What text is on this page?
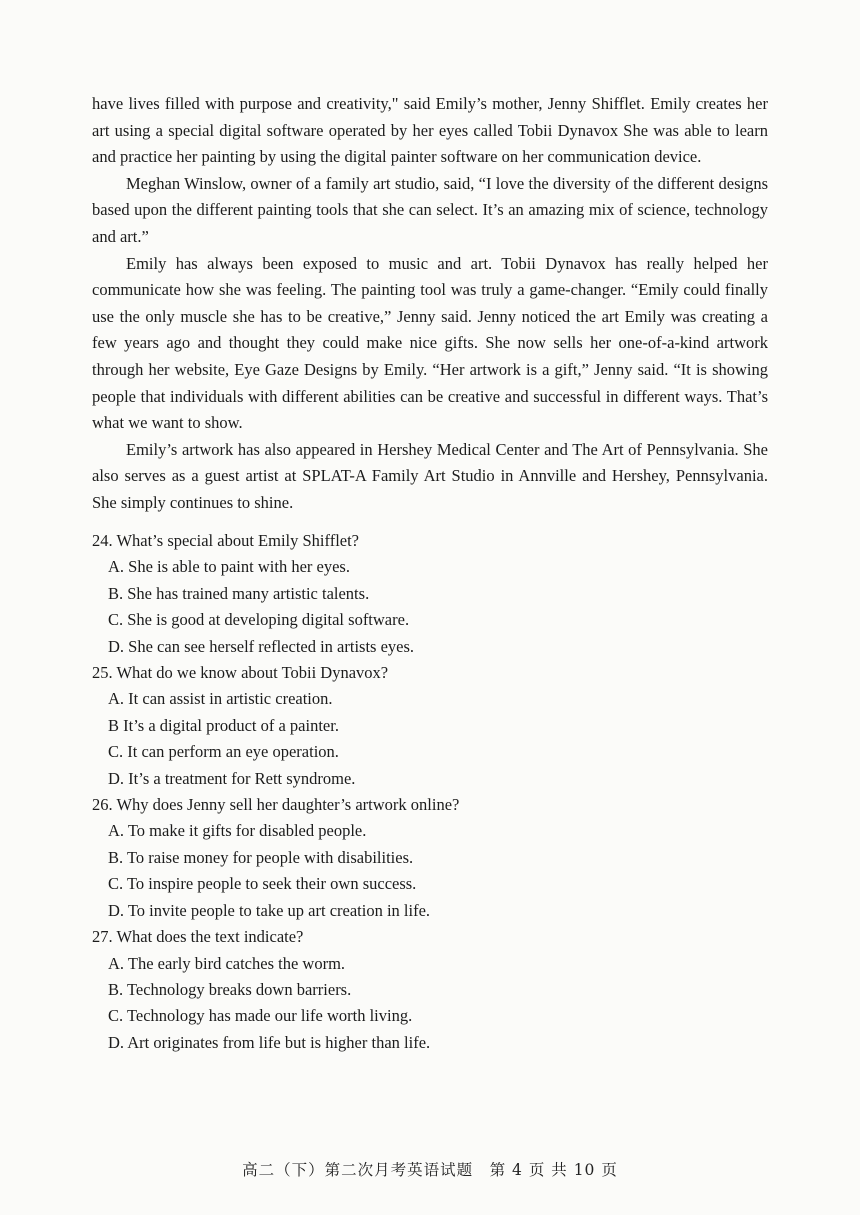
have lives filled with purpose and creativity," said Emily’s mother, Jenny Shifflet. Emily creates her art using a special digital software operated by her eyes called Tobii Dynavox She was able to learn and practice her painting by using the digital painter software on her communication device.

Meghan Winslow, owner of a family art studio, said, “I love the diversity of the different designs based upon the different painting tools that she can select. It’s an amazing mix of science, technology and art.”

Emily has always been exposed to music and art. Tobii Dynavox has really helped her communicate how she was feeling. The painting tool was truly a game-changer. “Emily could finally use the only muscle she has to be creative,” Jenny said. Jenny noticed the art Emily was creating a few years ago and thought they could make nice gifts. She now sells her one-of-a-kind artwork through her website, Eye Gaze Designs by Emily. “Her artwork is a gift,” Jenny said. “It is showing people that individuals with different abilities can be creative and successful in different ways. That’s what we want to show.

Emily’s artwork has also appeared in Hershey Medical Center and The Art of Pennsylvania. She also serves as a guest artist at SPLAT-A Family Art Studio in Annville and Hershey, Pennsylvania. She simply continues to shine.

24. What’s special about Emily Shifflet?

A. She is able to paint with her eyes.

B. She has trained many artistic talents.

C. She is good at developing digital software.

D. She can see herself reflected in artists eyes.

25. What do we know about Tobii Dynavox?

A. It can assist in artistic creation.

B It’s a digital product of a painter.

C. It can perform an eye operation.

D. It’s a treatment for Rett syndrome.

26. Why does Jenny sell her daughter’s artwork online?

A. To make it gifts for disabled people.

B. To raise money for people with disabilities.

C. To inspire people to seek their own success.

D. To invite people to take up art creation in life.

27. What does the text indicate?

A. The early bird catches the worm.

B. Technology breaks down barriers.

C. Technology has made our life worth living.

D. Art originates from life but is higher than life.

高二（下）第二次月考英语试题　第 4 页 共 10 页
